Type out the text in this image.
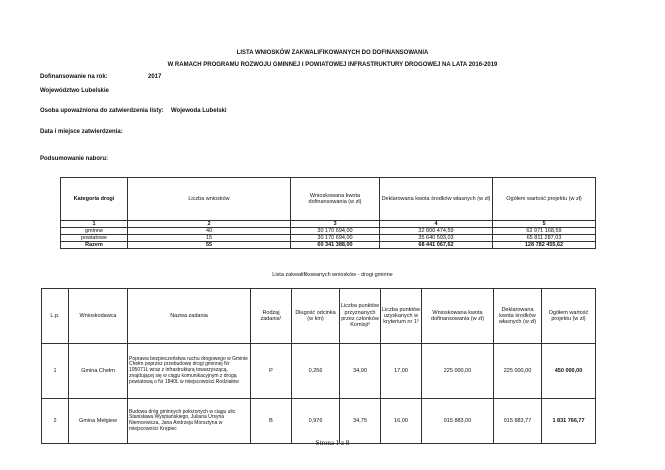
LISTA WNIOSKÓW ZAKWALIFIKOWANYCH DO DOFINANSOWANIA
W RAMACH PROGRAMU ROZWOJU GMINNEJ I POWIATOWEJ INFRASTRUKTURY DROGOWEJ NA LATA 2016-2019
Dofinansowanie na rok:	2017
Województwo Lubelskie
Osoba upoważniona do zatwierdzenia listy: Wojewoda Lubelski
Data i miejsce zatwierdzenia:
Podsumowanie naboru:
Kategoria drogi	Liczba wniosków	Wnioskowana kwota dofinansowania (w zł)	Deklarowana kwota środków własnych (w zł)	Ogółem wartość projektu (w zł)
1	2	3	4	5
gminne	40	30 170 694,00	32 800 474,59	62 971 168,59
powiatowe	15	30 170 694,00	35 640 593,03	65 811 287,03
Razem	55	60 341 388,00	68 441 067,62	128 782 455,62
Lista zakwalifikowanych wniosków - drogi gminne
L.p.	Wnioskodawca	Nazwa zadania	Rodzaj zadania¹	Długość odcinka (w km)	Liczba punktów przyznanych przez członków Komisji³	Liczba punktów uzyskanych w kryterium nr 1²	Wnioskowana kwota dofinansowania (w zł)	Deklarowana kwota środków własnych (w zł)	Ogółem wartość projektu (w zł)
1	Gmina Chełm	Poprawa bezpieczeństwa ruchu drogowego w Gminie Chełm poprzez przebudowę drogi gminnej Nr 105071L wraz z infrastrukturą towarzyszącą, znajdującej się w ciągu komunikacyjnym z drogą powiatową o Nr 1840L w miejscowości Rodziałów	P	0,256	34,90	17,00	225 000,00	225 000,00	450 000,00
2	Gmina Mełgiew	Budowa dróg gminnych położonych w ciągu ulic: Stanisława Wyspiańskiego, Juliana Ursyna Niemcewicza, Jana Andrzeja Morsztyna w miejscowości Krępiec	B	0,976	34,75	16,00	915 883,00	915 883,77	1 831 766,77
Strona 1 z 8
